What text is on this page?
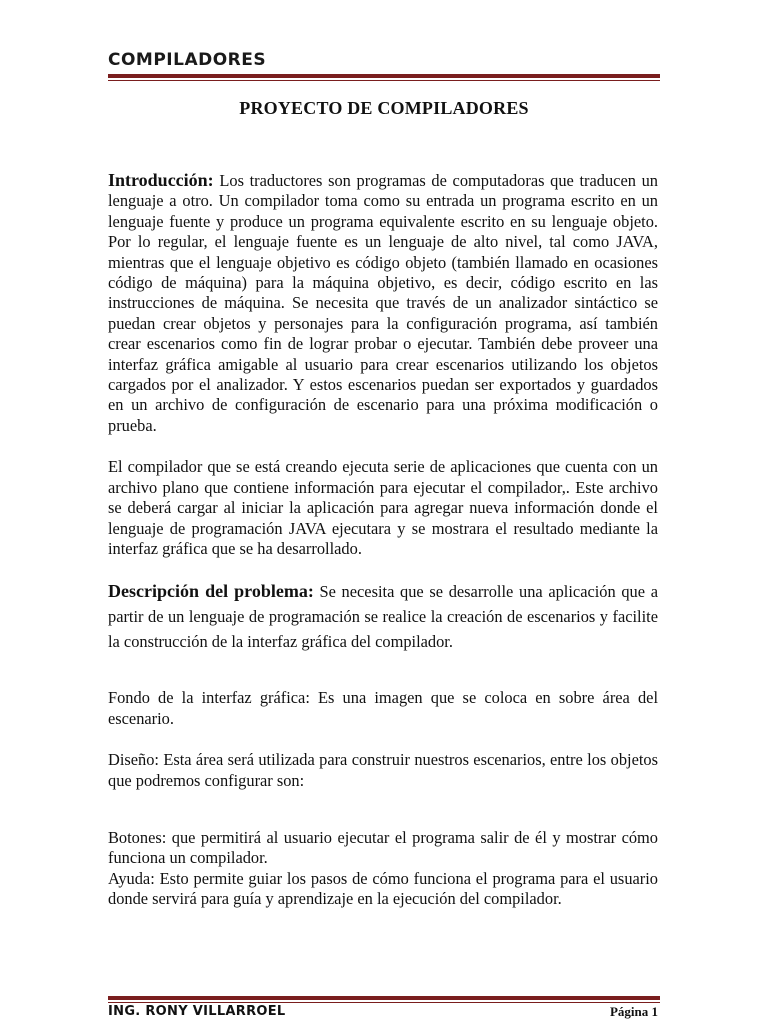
COMPILADORES
PROYECTO DE COMPILADORES

Introducción: Los traductores son programas de computadoras que traducen un lenguaje a otro. Un compilador toma como su entrada un programa escrito en un lenguaje fuente y produce un programa equivalente escrito en su lenguaje objeto. Por lo regular, el lenguaje fuente es un lenguaje de alto nivel, tal como JAVA, mientras que el lenguaje objetivo es código objeto (también llamado en ocasiones código de máquina) para la máquina objetivo, es decir, código escrito en las instrucciones de máquina. Se necesita que través de un analizador sintáctico se puedan crear objetos y personajes para la configuración programa, así también crear escenarios como fin de lograr probar o ejecutar. También debe proveer una interfaz gráfica amigable al usuario para crear escenarios utilizando los objetos cargados por el analizador. Y estos escenarios puedan ser exportados y guardados en un archivo de configuración de escenario para una próxima modificación o prueba.

El compilador que se está creando ejecuta serie de aplicaciones que cuenta con un archivo plano que contiene información para ejecutar el compilador,. Este archivo se deberá cargar al iniciar la aplicación para agregar nueva información donde el lenguaje de programación JAVA ejecutara y se mostrara el resultado mediante la interfaz gráfica que se ha desarrollado.

Descripción del problema: Se necesita que se desarrolle una aplicación que a partir de un lenguaje de programación se realice la creación de escenarios y facilite la construcción de la interfaz gráfica del compilador.

Fondo de la interfaz gráfica: Es una imagen que se coloca en sobre área del escenario.

Diseño: Esta área será utilizada para construir nuestros escenarios, entre los objetos que podremos configurar son:

Botones: que permitirá al usuario ejecutar el programa salir de él y mostrar cómo funciona un compilador.

Ayuda: Esto permite guiar los pasos de cómo funciona el programa para el usuario donde servirá para guía y aprendizaje en la ejecución del compilador.

ING. RONY VILLARROEL	Página 1
